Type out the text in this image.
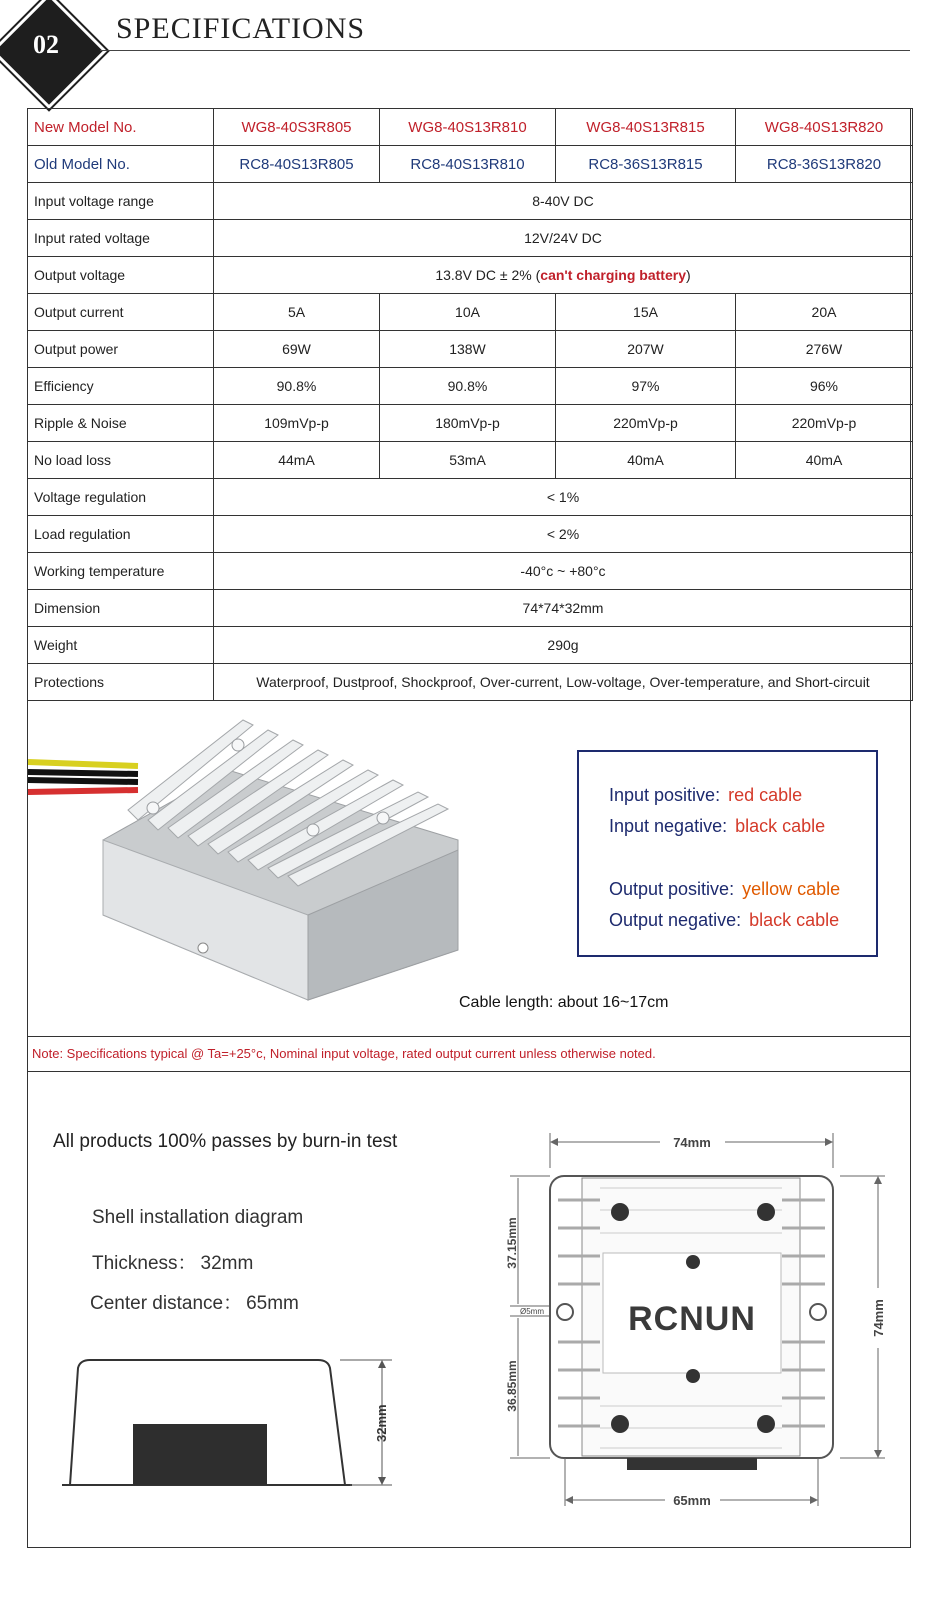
02	SPECIFICATIONS
New Model No.	WG8-40S3R805	WG8-40S13R810	WG8-40S13R815	WG8-40S13R820
Old Model No.	RC8-40S13R805	RC8-40S13R810	RC8-36S13R815	RC8-36S13R820
Input voltage range	8-40V DC			
Input rated voltage	12V/24V DC			
Output voltage	13.8V DC ± 2% (can't charging battery)			
Output current	5A	10A	15A	20A
Output power	69W	138W	207W	276W
Efficiency	90.8%	90.8%	97%	96%
Ripple & Noise	109mVp-p	180mVp-p	220mVp-p	220mVp-p
No load loss	44mA	53mA	40mA	40mA
Voltage regulation	< 1%			
Load regulation	< 2%			
Working temperature	-40°c ~ +80°c			
Dimension	74*74*32mm			
Weight	290g			
Protections	Waterproof, Dustproof, Shockproof, Over-current, Low-voltage, Over-temperature, and Short-circuit			
Input positive: red cable
Input negative: black cable
Output positive: yellow cable
Output negative: black cable
Cable length: about 16~17cm
Note: Specifications typical @ Ta=+25°c, Nominal input voltage, rated output current unless otherwise noted.
All products 100% passes by burn-in test
Shell installation diagram
Thickness： 32mm
Center distance： 65mm
32mm
74mm
74mm
37.15mm
Ø5mm
36.85mm
RCNUN
65mm
